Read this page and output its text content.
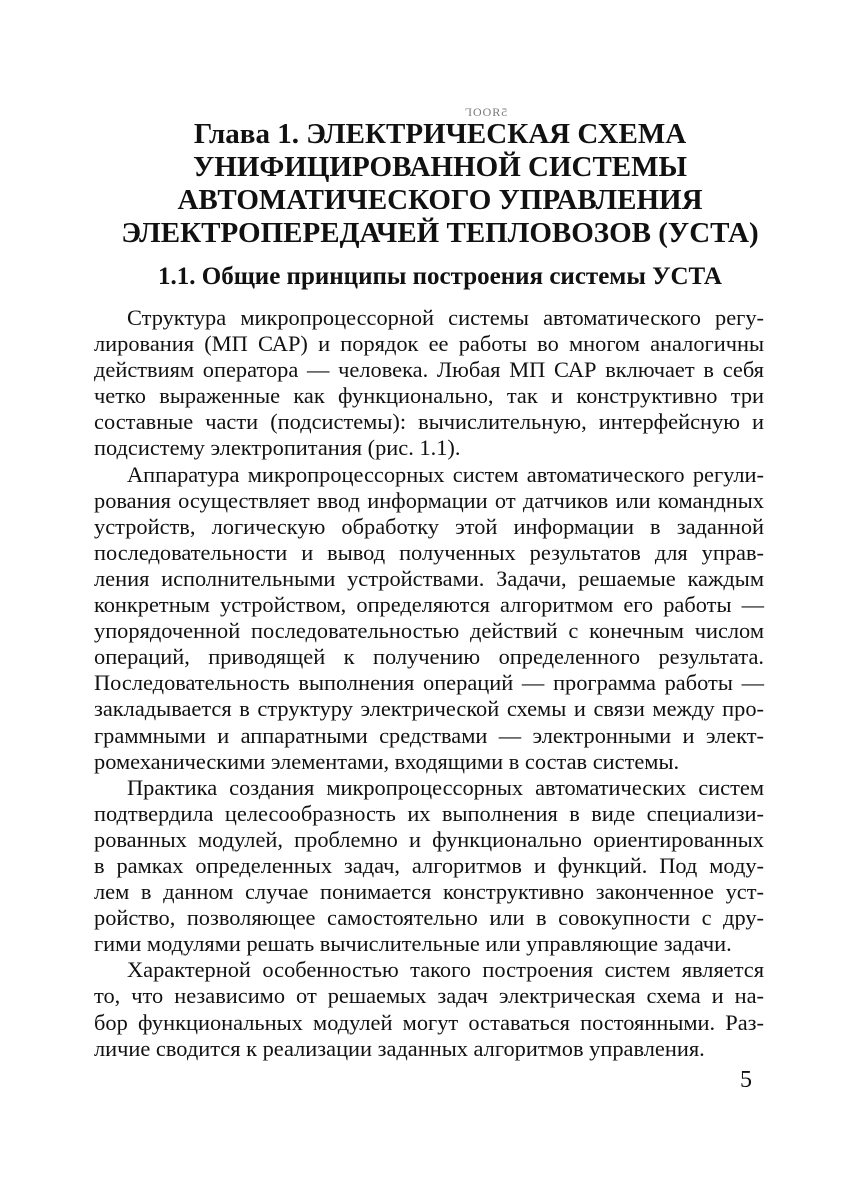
5ЯООГ
Глава 1. ЭЛЕКТРИЧЕСКАЯ СХЕМА
УНИФИЦИРОВАННОЙ СИСТЕМЫ
АВТОМАТИЧЕСКОГО УПРАВЛЕНИЯ
ЭЛЕКТРОПЕРЕДАЧЕЙ ТЕПЛОВОЗОВ (УСТА)
1.1. Общие принципы построения системы УСТА

Структура микропроцессорной системы автоматического регу-
лирования (МП САР) и порядок ее работы во многом аналогичны
действиям оператора — человека. Любая МП САР включает в себя
четко выраженные как функционально, так и конструктивно три
составные части (подсистемы): вычислительную, интерфейсную и
подсистему электропитания (рис. 1.1).

Аппаратура микропроцессорных систем автоматического регули-
рования осуществляет ввод информации от датчиков или командных
устройств, логическую обработку этой информации в заданной
последовательности и вывод полученных результатов для управ-
ления исполнительными устройствами. Задачи, решаемые каждым
конкретным устройством, определяются алгоритмом его работы —
упорядоченной последовательностью действий с конечным числом
операций, приводящей к получению определенного результата.
Последовательность выполнения операций — программа работы —
закладывается в структуру электрической схемы и связи между про-
граммными и аппаратными средствами — электронными и элект-
ромеханическими элементами, входящими в состав системы.

Практика создания микропроцессорных автоматических систем
подтвердила целесообразность их выполнения в виде специализи-
рованных модулей, проблемно и функционально ориентированных
в рамках определенных задач, алгоритмов и функций. Под моду-
лем в данном случае понимается конструктивно законченное уст-
ройство, позволяющее самостоятельно или в совокупности с дру-
гими модулями решать вычислительные или управляющие задачи.

Характерной особенностью такого построения систем является
то, что независимо от решаемых задач электрическая схема и на-
бор функциональных модулей могут оставаться постоянными. Раз-
личие сводится к реализации заданных алгоритмов управления.

5
